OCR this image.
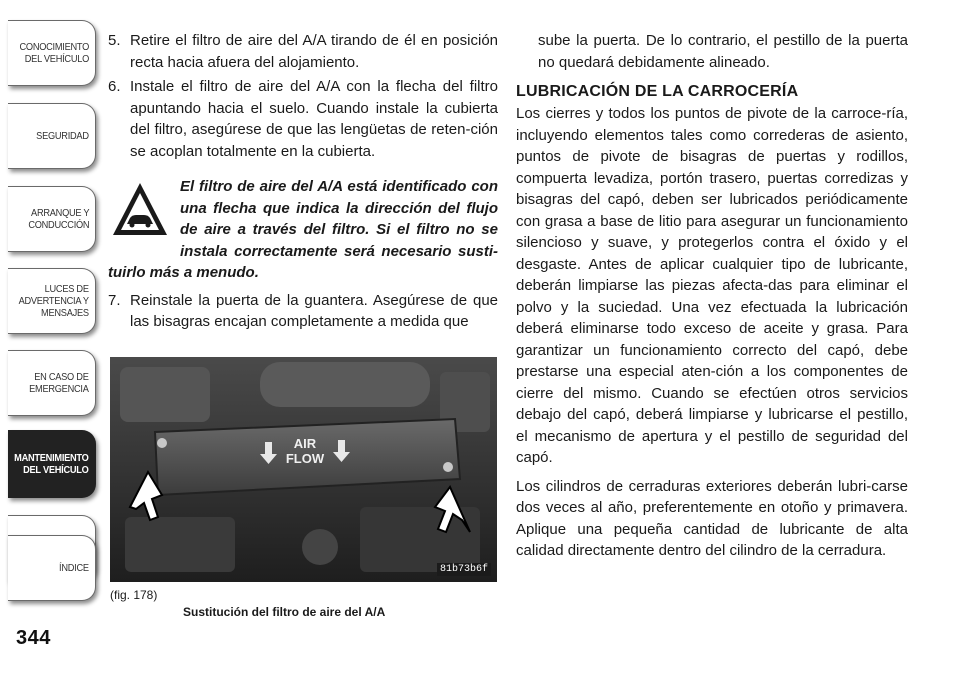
CONOCIMIENTO
DEL VEHÍCULO
SEGURIDAD
ARRANQUE Y
CONDUCCIÓN
LUCES DE
ADVERTENCIA Y
MENSAJES
EN CASO DE
EMERGENCIA
MANTENIMIENTO
DEL VEHÍCULO
ÍNDICE
344
5. Retire el filtro de aire del A/A tirando de él en posición recta hacia afuera del alojamiento.
6. Instale el filtro de aire del A/A con la flecha del filtro apuntando hacia el suelo. Cuando instale la cubierta del filtro, asegúrese de que las lengüetas de reten-ción se acoplan totalmente en la cubierta.
El filtro de aire del A/A está identificado con una flecha que indica la dirección del flujo de aire a través del filtro. Si el filtro no se instala correctamente será necesario susti-tuirlo más a menudo.
7. Reinstale la puerta de la guantera. Asegúrese de que las bisagras encajan completamente a medida que
AIR
FLOW
81b73b6f
(fig. 178)
Sustitución del filtro de aire del A/A

sube la puerta. De lo contrario, el pestillo de la puerta no quedará debidamente alineado.

LUBRICACIÓN DE LA CARROCERÍA

Los cierres y todos los puntos de pivote de la carroce-ría, incluyendo elementos tales como correderas de asiento, puntos de pivote de bisagras de puertas y rodillos, compuerta levadiza, portón trasero, puertas corredizas y bisagras del capó, deben ser lubricados periódicamente con grasa a base de litio para asegurar un funcionamiento silencioso y suave, y protegerlos contra el óxido y el desgaste. Antes de aplicar cualquier tipo de lubricante, deberán limpiarse las piezas afecta-das para eliminar el polvo y la suciedad. Una vez efectuada la lubricación deberá eliminarse todo exceso de aceite y grasa. Para garantizar un funcionamiento correcto del capó, debe prestarse una especial aten-ción a los componentes de cierre del mismo. Cuando se efectúen otros servicios debajo del capó, deberá limpiarse y lubricarse el pestillo, el mecanismo de apertura y el pestillo de seguridad del capó.

Los cilindros de cerraduras exteriores deberán lubri-carse dos veces al año, preferentemente en otoño y primavera. Aplique una pequeña cantidad de lubricante de alta calidad directamente dentro del cilindro de la cerradura.
